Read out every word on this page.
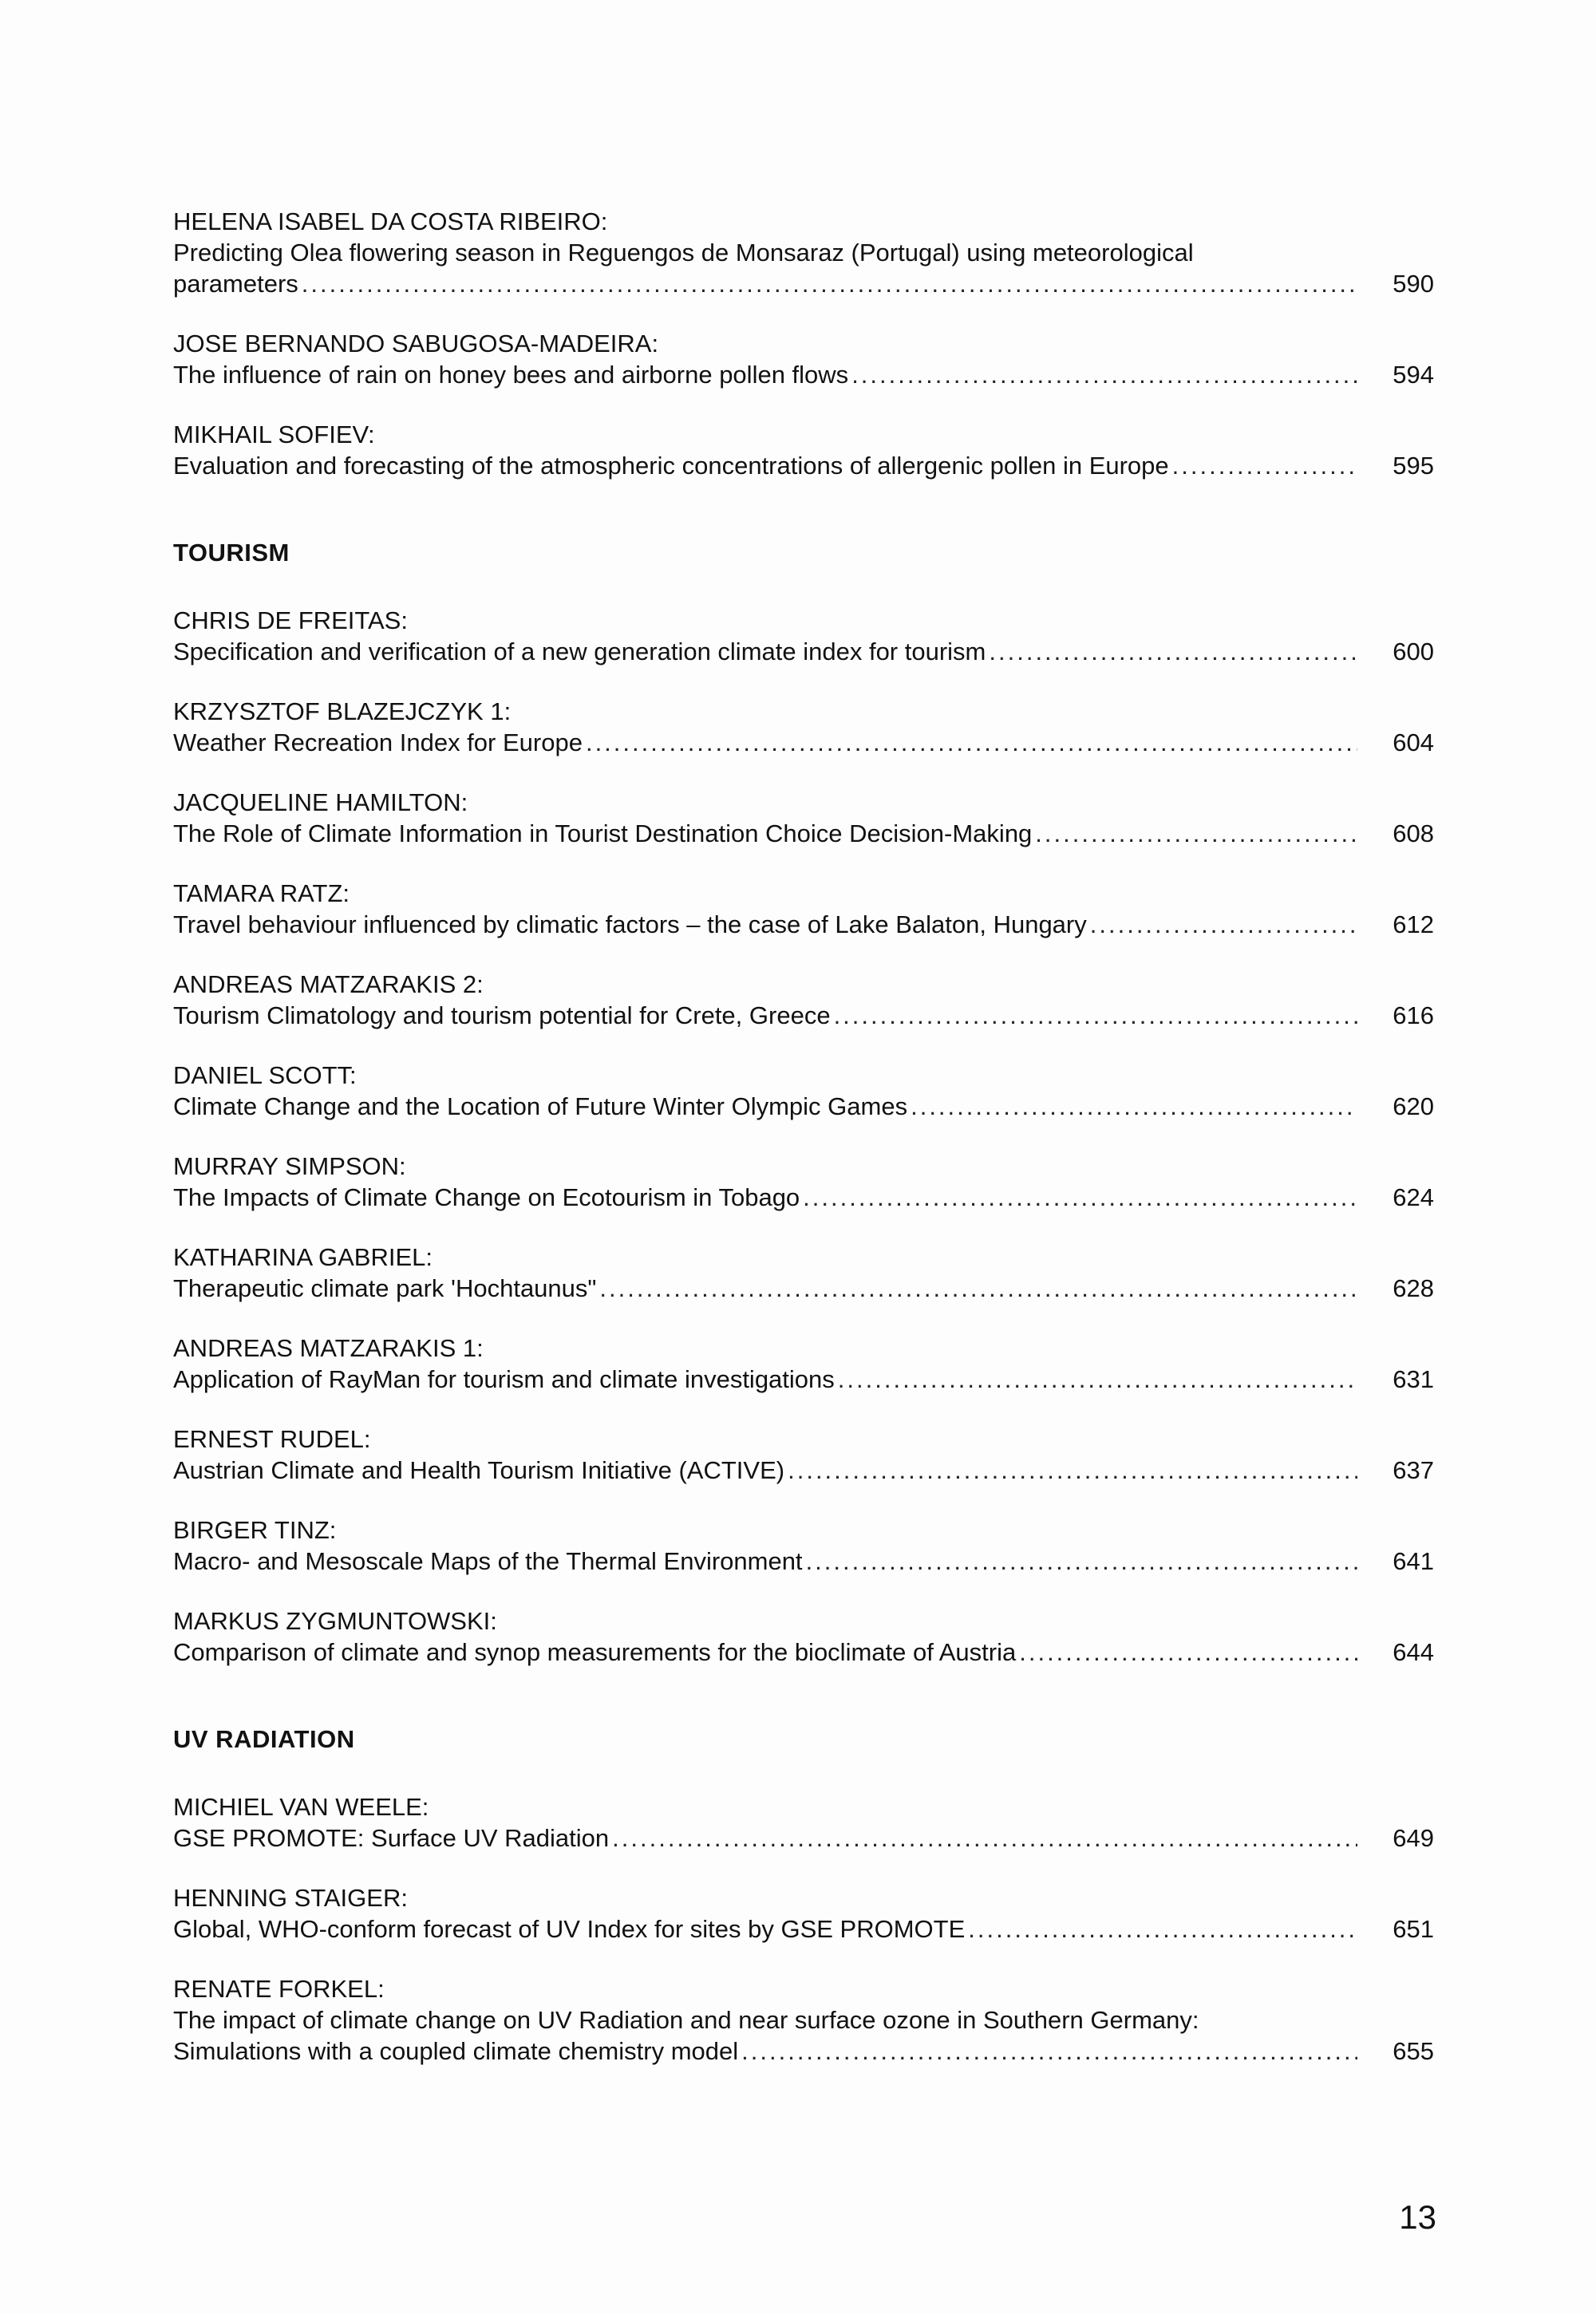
HELENA ISABEL DA COSTA RIBEIRO:
Predicting Olea flowering season in Reguengos de Monsaraz (Portugal) using meteorological
parameters .....	590
JOSE BERNANDO SABUGOSA-MADEIRA:
The influence of rain on honey bees and airborne pollen flows .....	594
MIKHAIL SOFIEV:
Evaluation and forecasting of the atmospheric concentrations of allergenic pollen in Europe .....	595
TOURISM
CHRIS DE FREITAS:
Specification and verification of a new generation climate index for tourism .....	600
KRZYSZTOF BLAZEJCZYK 1:
Weather Recreation Index for Europe .....	604
JACQUELINE HAMILTON:
The Role of Climate Information in Tourist Destination Choice Decision-Making .....	608
TAMARA RATZ:
Travel behaviour influenced by climatic factors – the case of Lake Balaton, Hungary .....	612
ANDREAS MATZARAKIS 2:
Tourism Climatology and tourism potential for Crete, Greece .....	616
DANIEL SCOTT:
Climate Change and the Location of Future Winter Olympic Games .....	620
MURRAY SIMPSON:
The Impacts of Climate Change on Ecotourism in Tobago .....	624
KATHARINA GABRIEL:
Therapeutic climate park 'Hochtaunus" .....	628
ANDREAS MATZARAKIS 1:
Application of RayMan for tourism and climate investigations .....	631
ERNEST RUDEL:
Austrian Climate and Health Tourism Initiative (ACTIVE) .....	637
BIRGER TINZ:
Macro- and Mesoscale Maps of the Thermal Environment .....	641
MARKUS ZYGMUNTOWSKI:
Comparison of climate and synop measurements for the bioclimate of Austria .....	644
UV RADIATION
MICHIEL VAN WEELE:
GSE PROMOTE: Surface UV Radiation .....	649
HENNING STAIGER:
Global, WHO-conform forecast of UV Index for sites by GSE PROMOTE .....	651
RENATE FORKEL:
The impact of climate change on UV Radiation and near surface ozone in Southern Germany:
Simulations with a coupled climate chemistry model .....	655
13
